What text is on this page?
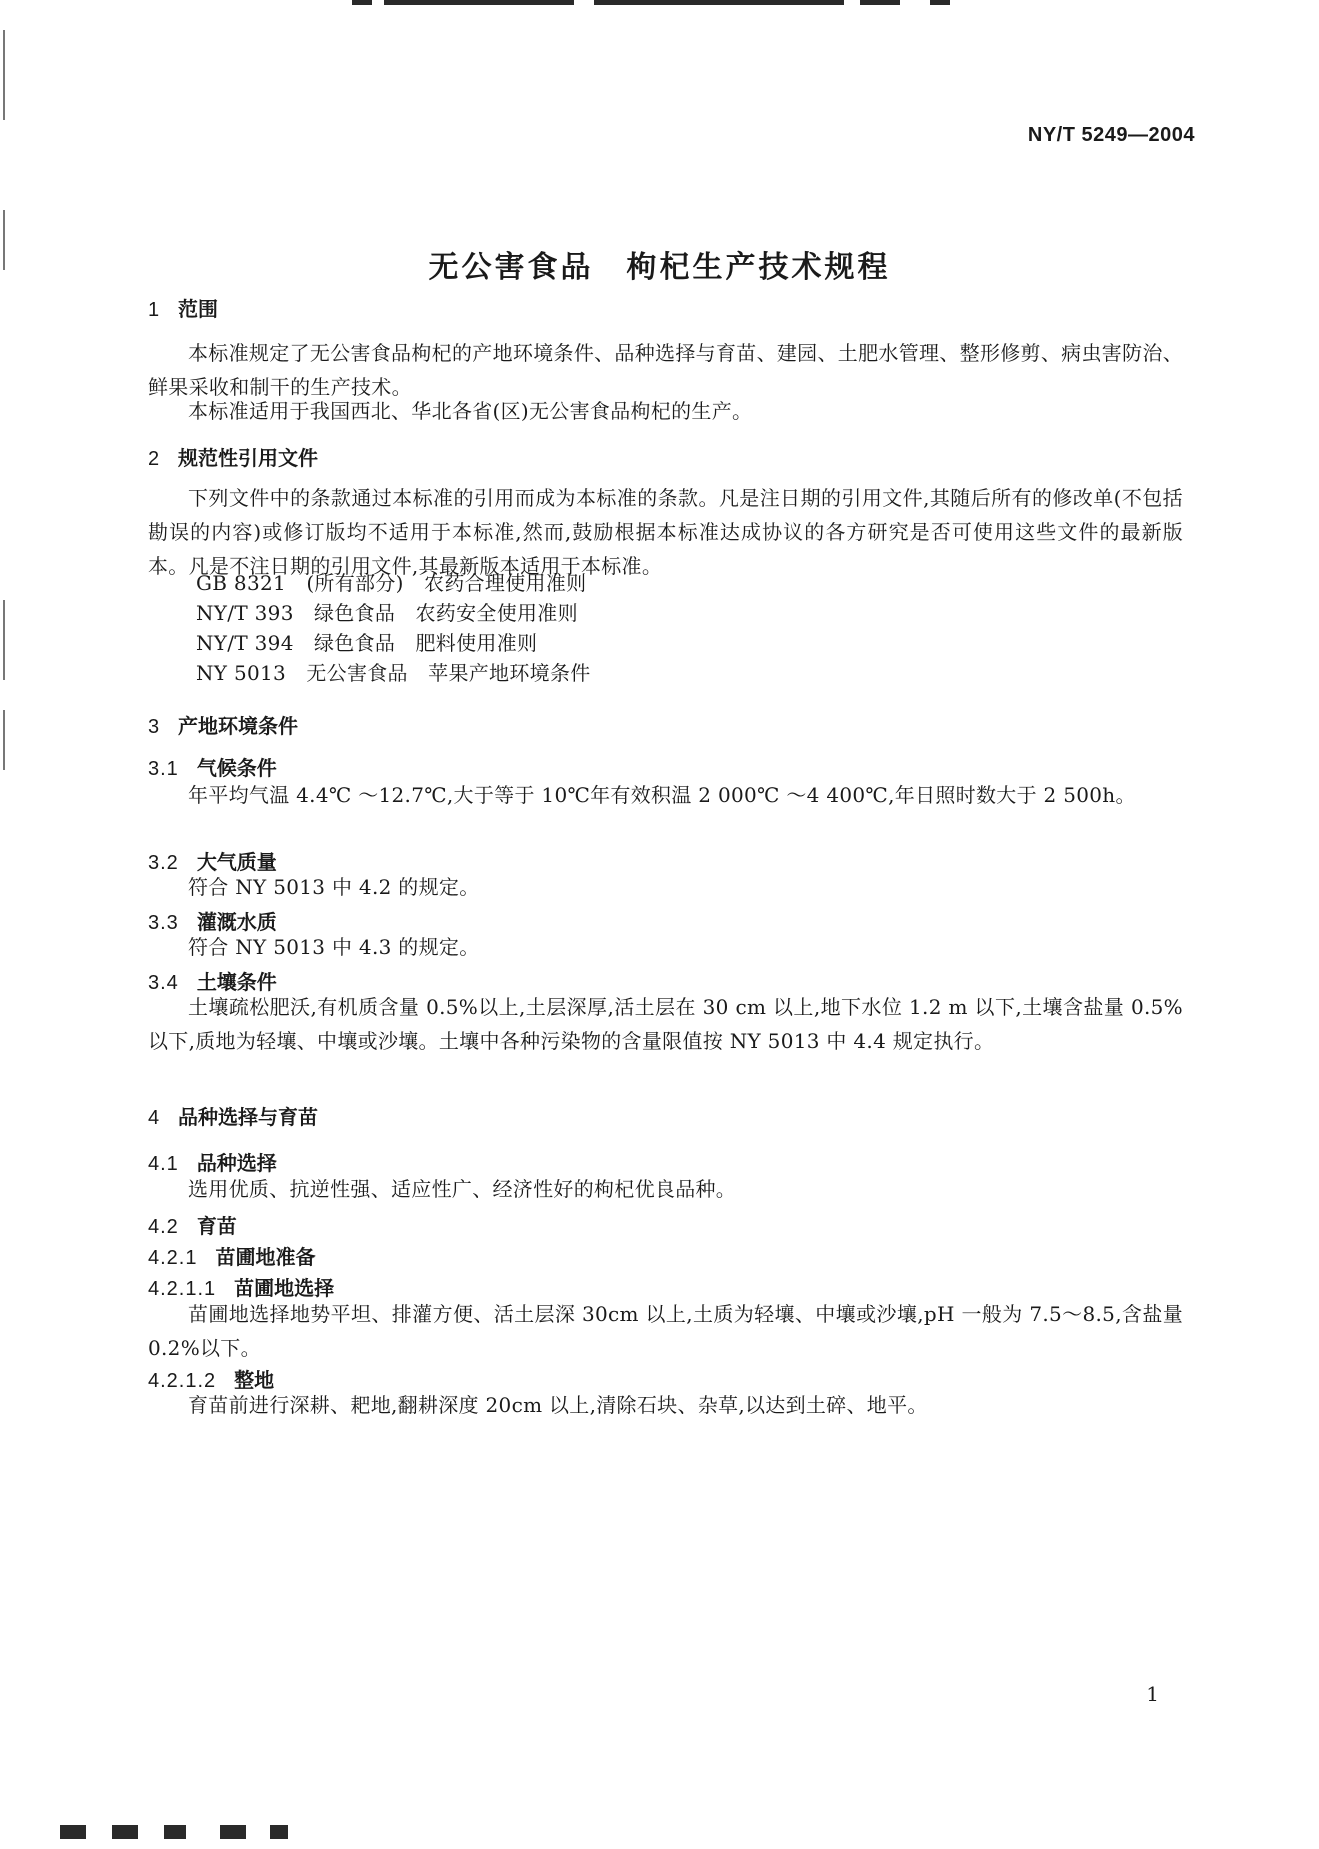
NY/T 5249—2004
无公害食品　枸杞生产技术规程
1 范围
本标准规定了无公害食品枸杞的产地环境条件、品种选择与育苗、建园、土肥水管理、整形修剪、病虫害防治、鲜果采收和制干的生产技术。
本标准适用于我国西北、华北各省(区)无公害食品枸杞的生产。
2 规范性引用文件
下列文件中的条款通过本标准的引用而成为本标准的条款。凡是注日期的引用文件,其随后所有的修改单(不包括勘误的内容)或修订版均不适用于本标准,然而,鼓励根据本标准达成协议的各方研究是否可使用这些文件的最新版本。凡是不注日期的引用文件,其最新版本适用于本标准。
GB 8321　(所有部分)　农药合理使用准则
NY/T 393　绿色食品　农药安全使用准则
NY/T 394　绿色食品　肥料使用准则
NY 5013　无公害食品　苹果产地环境条件
3 产地环境条件
3.1 气候条件
年平均气温 4.4℃ ～12.7℃,大于等于 10℃年有效积温 2 000℃ ～4 400℃,年日照时数大于 2 500h。
3.2 大气质量
符合 NY 5013 中 4.2 的规定。
3.3 灌溉水质
符合 NY 5013 中 4.3 的规定。
3.4 土壤条件
土壤疏松肥沃,有机质含量 0.5%以上,土层深厚,活土层在 30 cm 以上,地下水位 1.2 m 以下,土壤含盐量 0.5%以下,质地为轻壤、中壤或沙壤。土壤中各种污染物的含量限值按 NY 5013 中 4.4 规定执行。
4 品种选择与育苗
4.1 品种选择
选用优质、抗逆性强、适应性广、经济性好的枸杞优良品种。
4.2 育苗
4.2.1 苗圃地准备
4.2.1.1 苗圃地选择
苗圃地选择地势平坦、排灌方便、活土层深 30cm 以上,土质为轻壤、中壤或沙壤,pH 一般为 7.5～8.5,含盐量 0.2%以下。
4.2.1.2 整地
育苗前进行深耕、耙地,翻耕深度 20cm 以上,清除石块、杂草,以达到土碎、地平。
1
